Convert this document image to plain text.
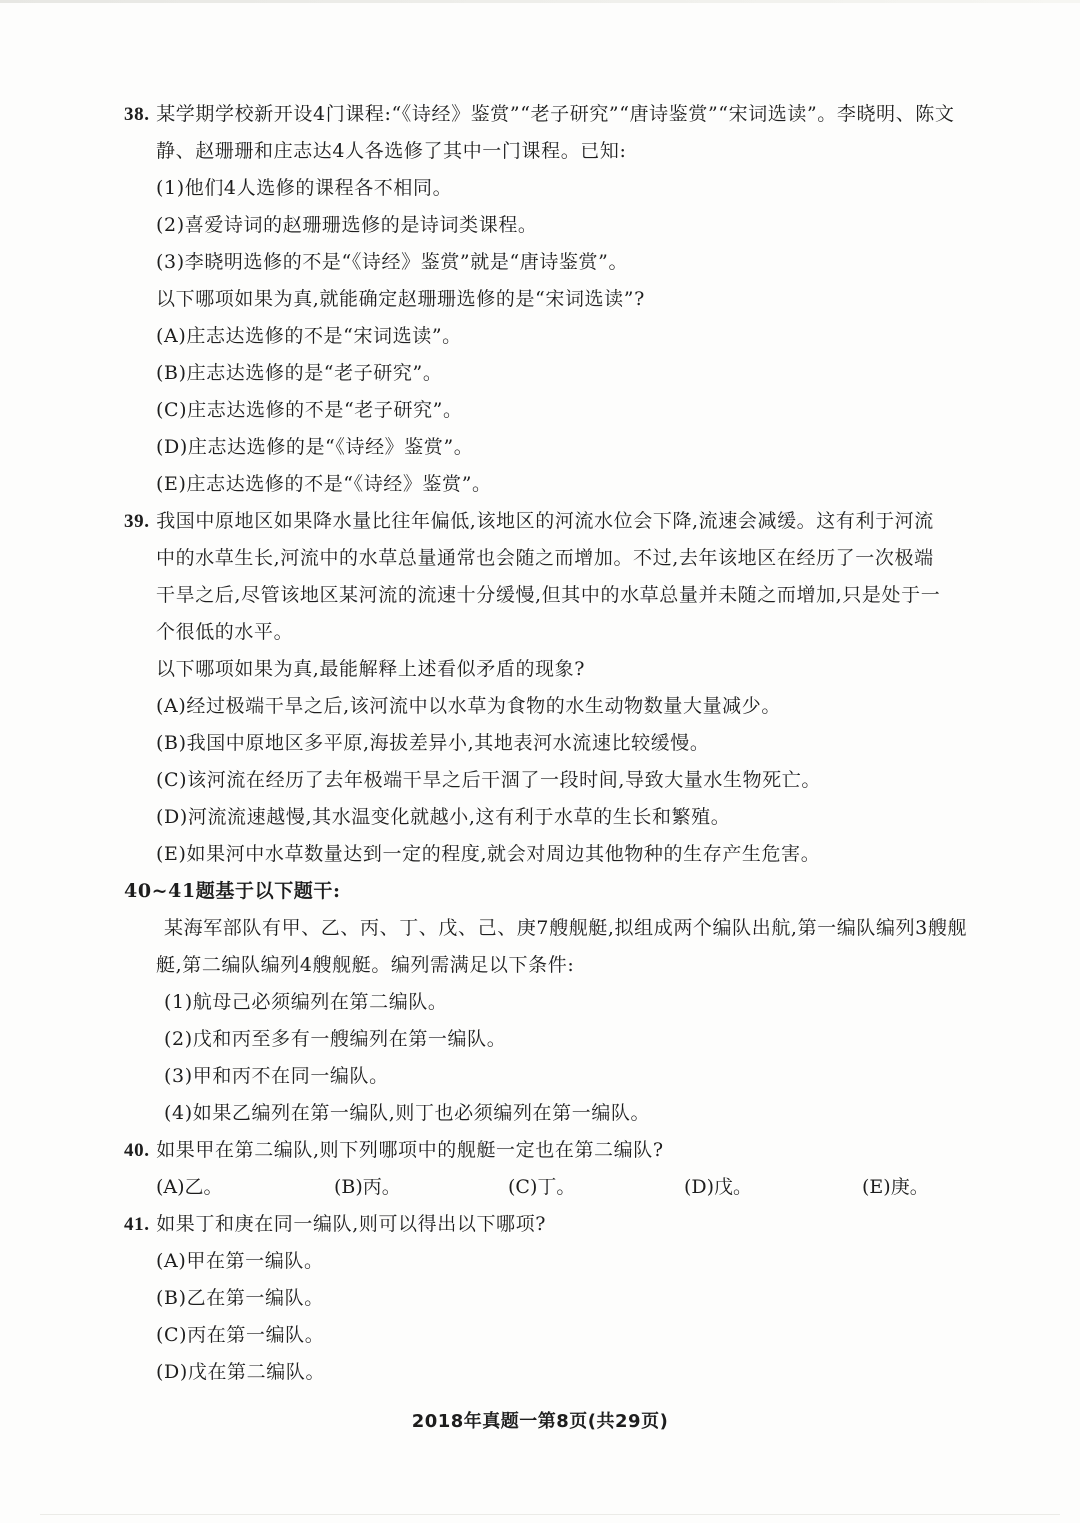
38. 某学期学校新开设4门课程:“《诗经》鉴赏”“老子研究”“唐诗鉴赏”“宋词选读”。李晓明、陈文
静、赵珊珊和庄志达4人各选修了其中一门课程。已知:
(1)他们4人选修的课程各不相同。
(2)喜爱诗词的赵珊珊选修的是诗词类课程。
(3)李晓明选修的不是“《诗经》鉴赏”就是“唐诗鉴赏”。
以下哪项如果为真,就能确定赵珊珊选修的是“宋词选读”?
(A)庄志达选修的不是“宋词选读”。
(B)庄志达选修的是“老子研究”。
(C)庄志达选修的不是“老子研究”。
(D)庄志达选修的是“《诗经》鉴赏”。
(E)庄志达选修的不是“《诗经》鉴赏”。
39. 我国中原地区如果降水量比往年偏低,该地区的河流水位会下降,流速会减缓。这有利于河流
中的水草生长,河流中的水草总量通常也会随之而增加。不过,去年该地区在经历了一次极端
干旱之后,尽管该地区某河流的流速十分缓慢,但其中的水草总量并未随之而增加,只是处于一
个很低的水平。
以下哪项如果为真,最能解释上述看似矛盾的现象?
(A)经过极端干旱之后,该河流中以水草为食物的水生动物数量大量减少。
(B)我国中原地区多平原,海拔差异小,其地表河水流速比较缓慢。
(C)该河流在经历了去年极端干旱之后干涸了一段时间,导致大量水生物死亡。
(D)河流流速越慢,其水温变化就越小,这有利于水草的生长和繁殖。
(E)如果河中水草数量达到一定的程度,就会对周边其他物种的生存产生危害。
40~41题基于以下题干:
某海军部队有甲、乙、丙、丁、戊、己、庚7艘舰艇,拟组成两个编队出航,第一编队编列3艘舰
艇,第二编队编列4艘舰艇。编列需满足以下条件:
(1)航母己必须编列在第二编队。
(2)戊和丙至多有一艘编列在第一编队。
(3)甲和丙不在同一编队。
(4)如果乙编列在第一编队,则丁也必须编列在第一编队。
40. 如果甲在第二编队,则下列哪项中的舰艇一定也在第二编队?
(A)乙。	(B)丙。	(C)丁。	(D)戊。	(E)庚。
41. 如果丁和庚在同一编队,则可以得出以下哪项?
(A)甲在第一编队。
(B)乙在第一编队。
(C)丙在第一编队。
(D)戊在第二编队。
2018年真题一第8页(共29页)
